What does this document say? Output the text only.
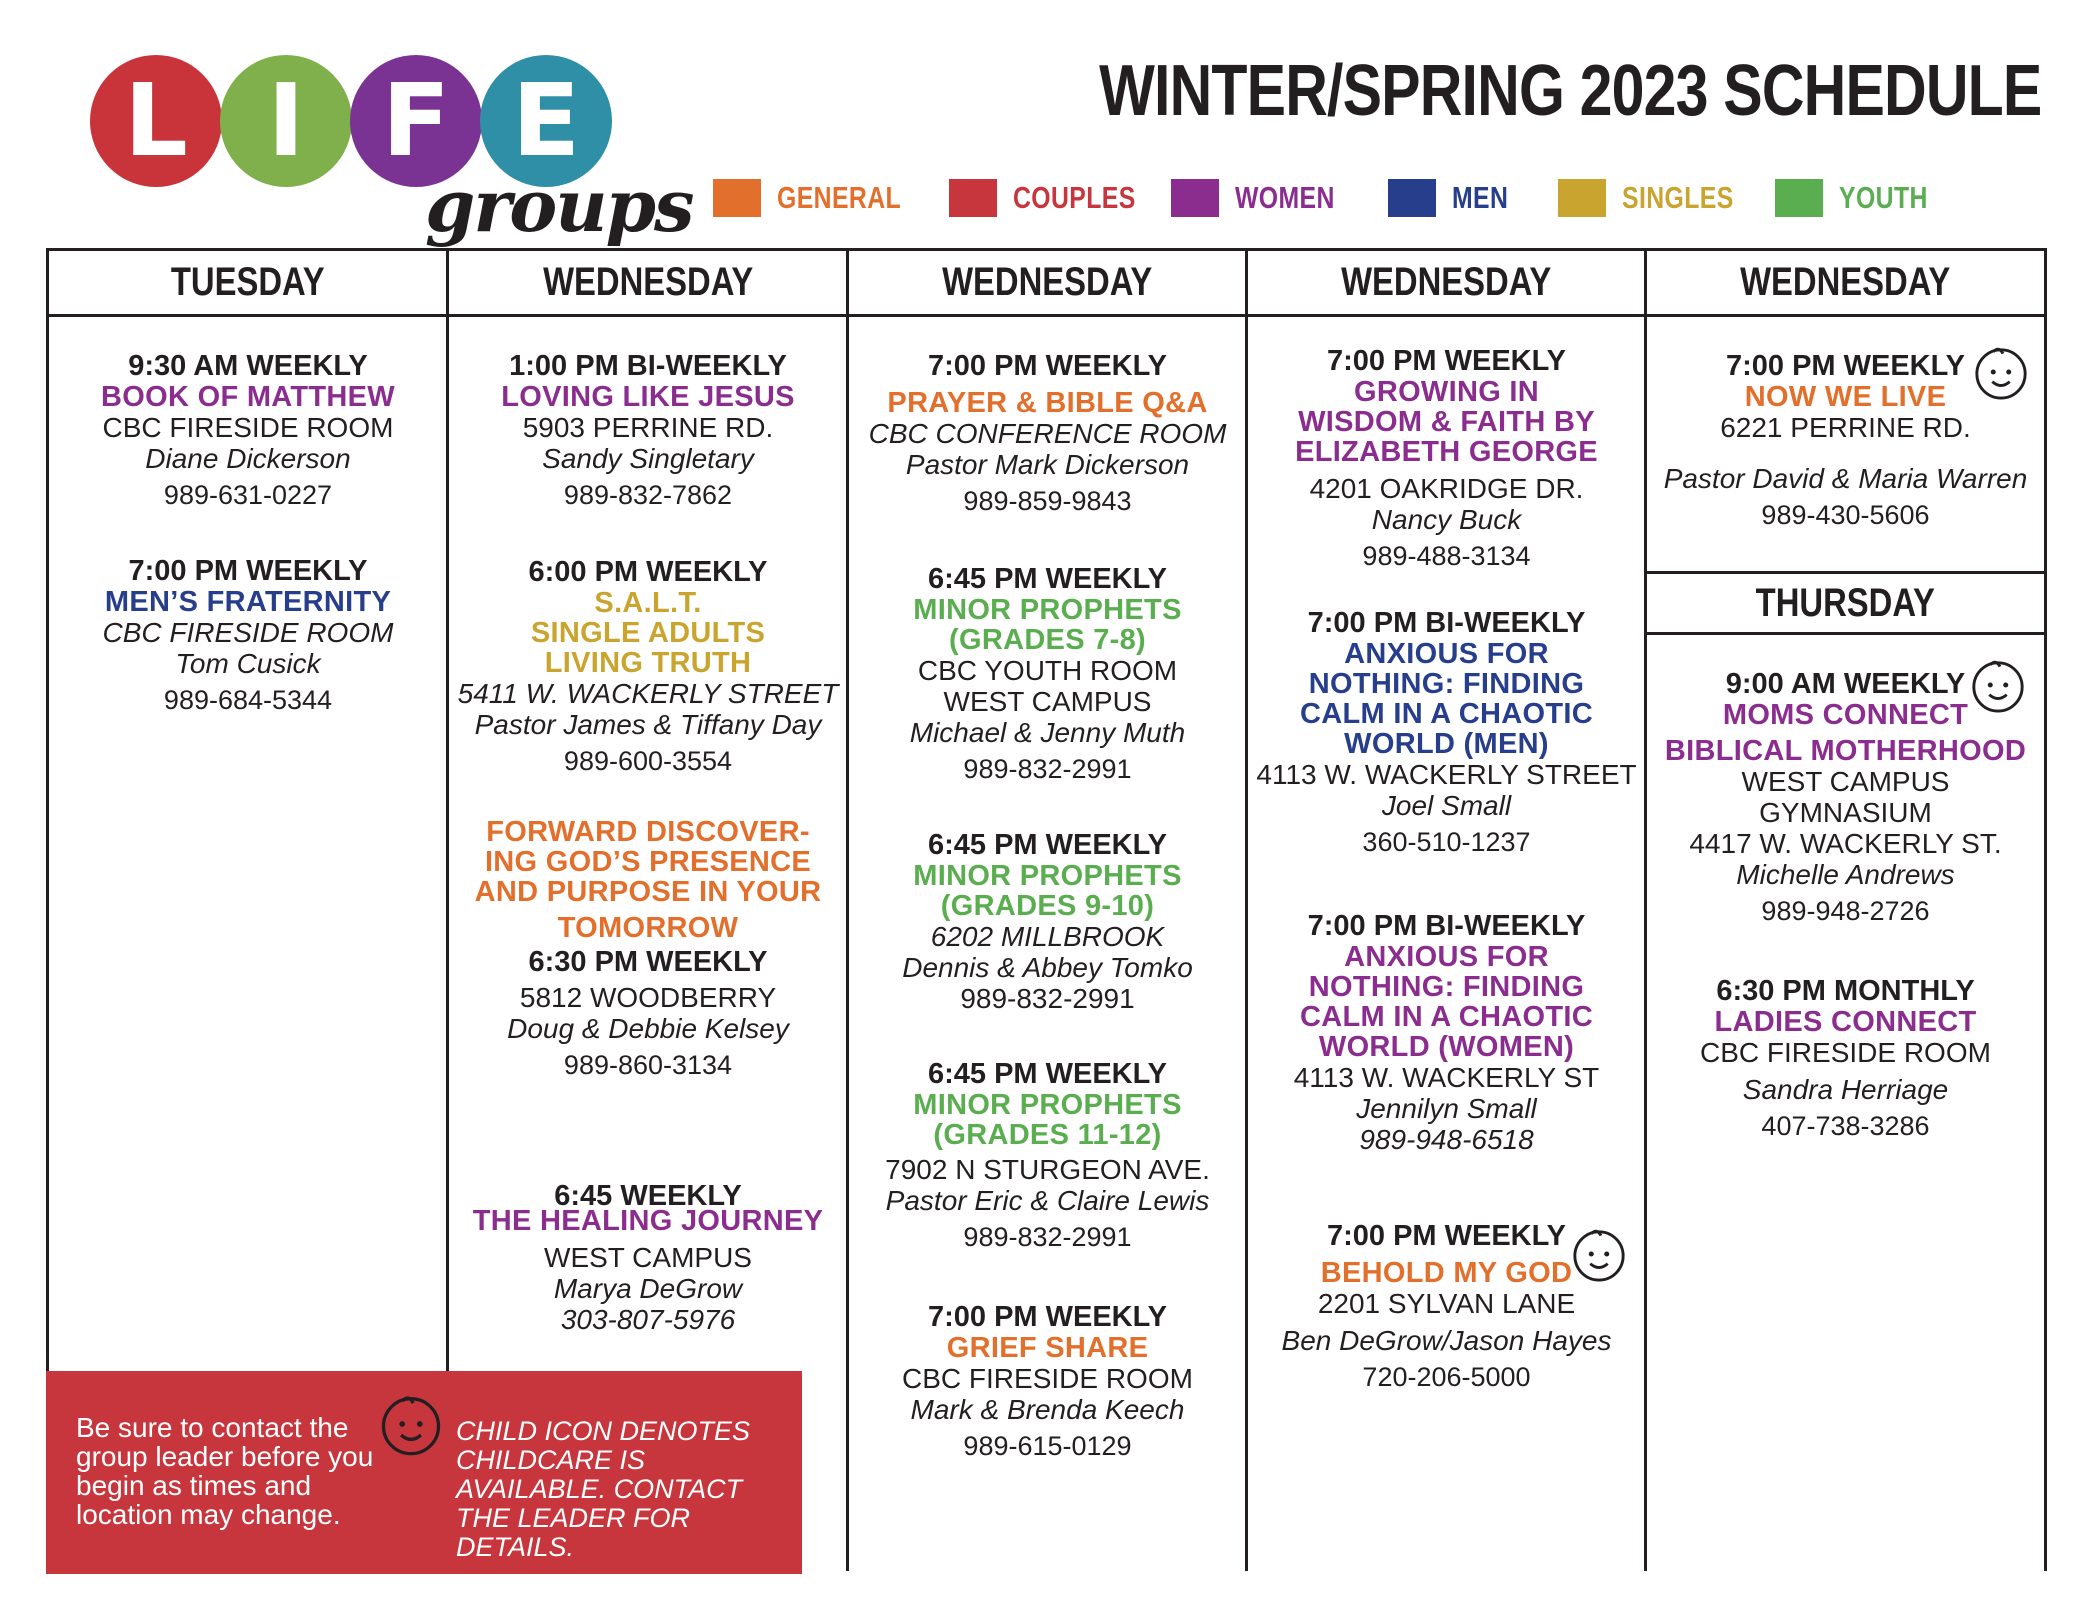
L I F E
groups
WINTER/SPRING 2023 SCHEDULE
GENERAL	COUPLES	WOMEN	MEN	SINGLES	YOUTH
TUESDAY
9:30 AM WEEKLY
BOOK OF MATTHEW
CBC FIRESIDE ROOM
Diane Dickerson
989-631-0227
7:00 PM WEEKLY
MEN’S FRATERNITY
CBC FIRESIDE ROOM
Tom Cusick
989-684-5344
WEDNESDAY
1:00 PM BI-WEEKLY
LOVING LIKE JESUS
5903 PERRINE RD.
Sandy Singletary
989-832-7862
6:00 PM WEEKLY
S.A.L.T.
SINGLE ADULTS
LIVING TRUTH
5411 W. WACKERLY STREET
Pastor James & Tiffany Day
989-600-3554
FORWARD DISCOVER-
ING GOD’S PRESENCE
AND PURPOSE IN YOUR
TOMORROW
6:30 PM WEEKLY
5812 WOODBERRY
Doug & Debbie Kelsey
989-860-3134
6:45 WEEKLY
THE HEALING JOURNEY
WEST CAMPUS
Marya DeGrow
303-807-5976
WEDNESDAY
7:00 PM WEEKLY
PRAYER & BIBLE Q&A
CBC CONFERENCE ROOM
Pastor Mark Dickerson
989-859-9843
6:45 PM WEEKLY
MINOR PROPHETS
(GRADES 7-8)
CBC YOUTH ROOM
WEST CAMPUS
Michael & Jenny Muth
989-832-2991
6:45 PM WEEKLY
MINOR PROPHETS
(GRADES 9-10)
6202 MILLBROOK
Dennis & Abbey Tomko
989-832-2991
6:45 PM WEEKLY
MINOR PROPHETS
(GRADES 11-12)
7902 N STURGEON AVE.
Pastor Eric & Claire Lewis
989-832-2991
7:00 PM WEEKLY
GRIEF SHARE
CBC FIRESIDE ROOM
Mark & Brenda Keech
989-615-0129
WEDNESDAY
7:00 PM WEEKLY
GROWING IN
WISDOM & FAITH BY
ELIZABETH GEORGE
4201 OAKRIDGE DR.
Nancy Buck
989-488-3134
7:00 PM BI-WEEKLY
ANXIOUS FOR
NOTHING: FINDING
CALM IN A CHAOTIC
WORLD (MEN)
4113 W. WACKERLY STREET
Joel Small
360-510-1237
7:00 PM BI-WEEKLY
ANXIOUS FOR
NOTHING: FINDING
CALM IN A CHAOTIC
WORLD (WOMEN)
4113 W. WACKERLY ST
Jennilyn Small
989-948-6518
7:00 PM WEEKLY
BEHOLD MY GOD
2201 SYLVAN LANE
Ben DeGrow/Jason Hayes
720-206-5000
WEDNESDAY
7:00 PM WEEKLY
NOW WE LIVE
6221 PERRINE RD.
Pastor David & Maria Warren
989-430-5606
THURSDAY
9:00 AM WEEKLY
MOMS CONNECT
BIBLICAL MOTHERHOOD
WEST CAMPUS
GYMNASIUM
4417 W. WACKERLY ST.
Michelle Andrews
989-948-2726
6:30 PM MONTHLY
LADIES CONNECT
CBC FIRESIDE ROOM
Sandra Herriage
407-738-3286
Be sure to contact the group leader before you begin as times and location may change.
CHILD ICON DENOTES CHILDCARE IS AVAILABLE. CONTACT THE LEADER FOR DETAILS.
